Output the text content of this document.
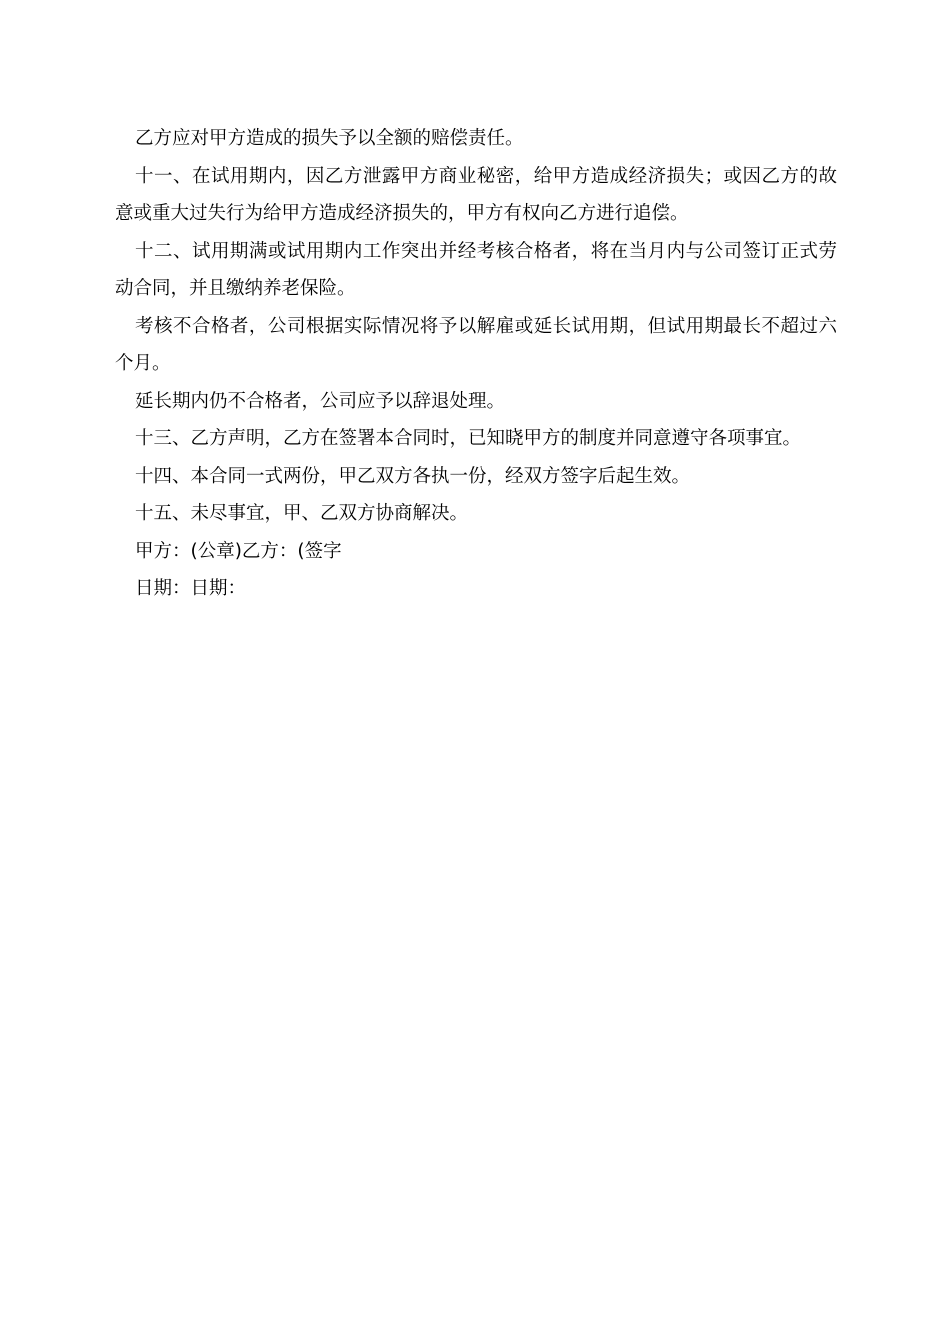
乙方应对甲方造成的损失予以全额的赔偿责任。

十一、在试用期内，因乙方泄露甲方商业秘密，给甲方造成经济损失；或因乙方的故意或重大过失行为给甲方造成经济损失的，甲方有权向乙方进行追偿。

十二、试用期满或试用期内工作突出并经考核合格者，将在当月内与公司签订正式劳动合同，并且缴纳养老保险。

考核不合格者，公司根据实际情况将予以解雇或延长试用期，但试用期最长不超过六个月。

延长期内仍不合格者，公司应予以辞退处理。

十三、乙方声明，乙方在签署本合同时，已知晓甲方的制度并同意遵守各项事宜。

十四、本合同一式两份，甲乙双方各执一份，经双方签字后起生效。

十五、未尽事宜，甲、乙双方协商解决。

甲方：(公章)乙方：(签字

日期：日期：
